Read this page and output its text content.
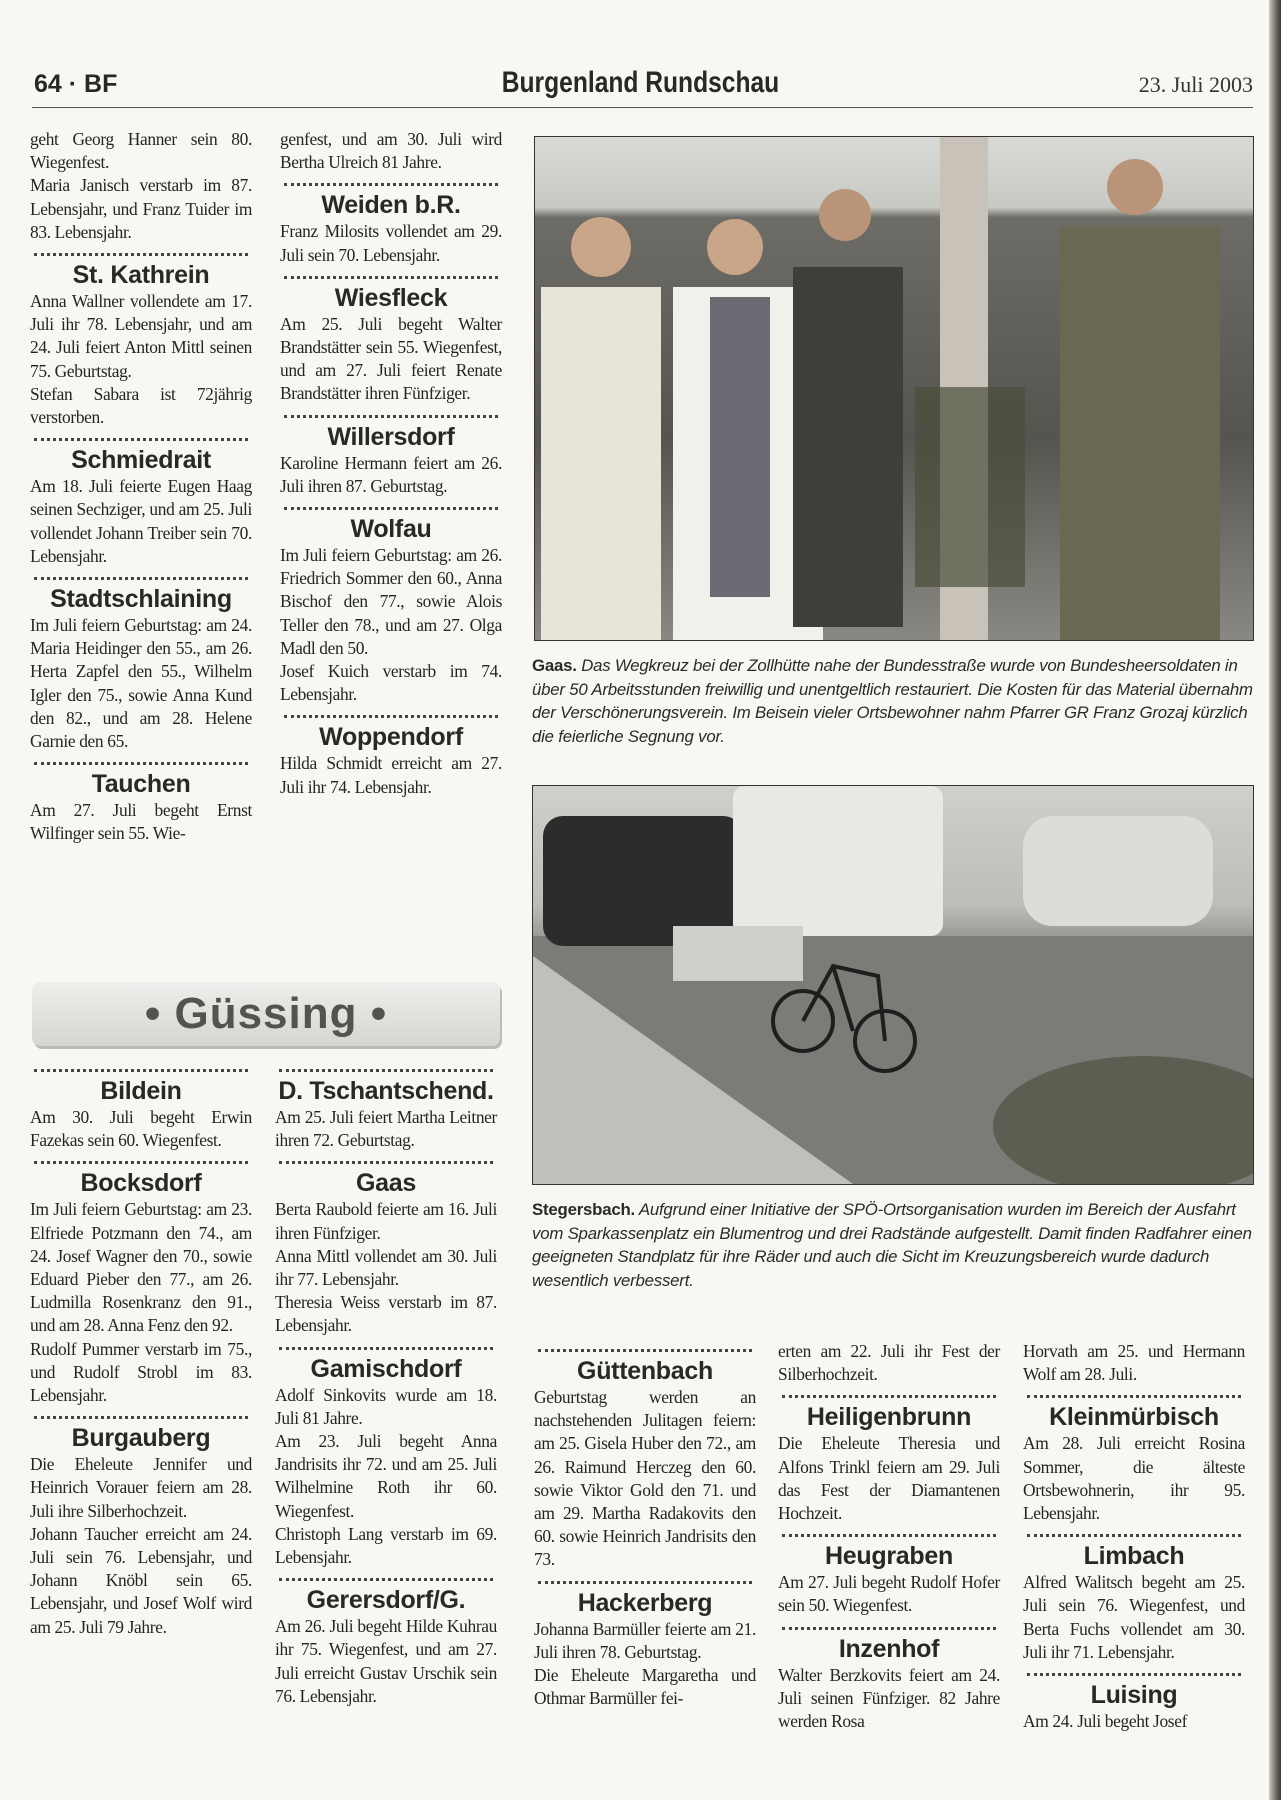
64 · BF	Burgenland Rundschau	23. Juli 2003

geht Georg Hanner sein 80. Wiegenfest.

Maria Janisch verstarb im 87. Lebensjahr, und Franz Tuider im 83. Lebensjahr.

St. Kathrein

Anna Wallner vollendete am 17. Juli ihr 78. Lebensjahr, und am 24. Juli feiert Anton Mittl seinen 75. Geburtstag.

Stefan Sabara ist 72jährig verstorben.

Schmiedrait

Am 18. Juli feierte Eugen Haag seinen Sechziger, und am 25. Juli vollendet Johann Treiber sein 70. Lebensjahr.

Stadtschlaining

Im Juli feiern Geburtstag: am 24. Maria Heidinger den 55., am 26. Herta Zapfel den 55., Wilhelm Igler den 75., sowie Anna Kund den 82., und am 28. Helene Garnie den 65.

Tauchen

Am 27. Juli begeht Ernst Wilfinger sein 55. Wie-

genfest, und am 30. Juli wird Bertha Ulreich 81 Jahre.

Weiden b.R.

Franz Milosits vollendet am 29. Juli sein 70. Lebensjahr.

Wiesfleck

Am 25. Juli begeht Walter Brandstätter sein 55. Wiegenfest, und am 27. Juli feiert Renate Brandstätter ihren Fünfziger.

Willersdorf

Karoline Hermann feiert am 26. Juli ihren 87. Geburtstag.

Wolfau

Im Juli feiern Geburtstag: am 26. Friedrich Sommer den 60., Anna Bischof den 77., sowie Alois Teller den 78., und am 27. Olga Madl den 50.

Josef Kuich verstarb im 74. Lebensjahr.

Woppendorf

Hilda Schmidt erreicht am 27. Juli ihr 74. Lebensjahr.

Gaas. Das Wegkreuz bei der Zollhütte nahe der Bundesstraße wurde von Bundesheersoldaten in über 50 Arbeitsstunden freiwillig und unentgeltlich restauriert. Die Kosten für das Material übernahm der Verschönerungsverein. Im Beisein vieler Ortsbewohner nahm Pfarrer GR Franz Grozaj kürzlich die feierliche Segnung vor.
Stegersbach. Aufgrund einer Initiative der SPÖ-Ortsorganisation wurden im Bereich der Ausfahrt vom Sparkassenplatz ein Blumentrog und drei Radstände aufgestellt. Damit finden Radfahrer einen geeigneten Standplatz für ihre Räder und auch die Sicht im Kreuzungsbereich wurde dadurch wesentlich verbessert.
• Güssing •
Bildein

Am 30. Juli begeht Erwin Fazekas sein 60. Wiegenfest.

Bocksdorf

Im Juli feiern Geburtstag: am 23. Elfriede Potzmann den 74., am 24. Josef Wagner den 70., sowie Eduard Pieber den 77., am 26. Ludmilla Rosenkranz den 91., und am 28. Anna Fenz den 92.

Rudolf Pummer verstarb im 75., und Rudolf Strobl im 83. Lebensjahr.

Burgauberg

Die Eheleute Jennifer und Heinrich Vorauer feiern am 28. Juli ihre Silberhochzeit.

Johann Taucher erreicht am 24. Juli sein 76. Lebensjahr, und Johann Knöbl sein 65. Lebensjahr, und Josef Wolf wird am 25. Juli 79 Jahre.

D. Tschantschend.

Am 25. Juli feiert Martha Leitner ihren 72. Geburtstag.

Gaas

Berta Raubold feierte am 16. Juli ihren Fünfziger.

Anna Mittl vollendet am 30. Juli ihr 77. Lebensjahr.

Theresia Weiss verstarb im 87. Lebensjahr.

Gamischdorf

Adolf Sinkovits wurde am 18. Juli 81 Jahre.

Am 23. Juli begeht Anna Jandrisits ihr 72. und am 25. Juli Wilhelmine Roth ihr 60. Wiegenfest.

Christoph Lang verstarb im 69. Lebensjahr.

Gerersdorf/G.

Am 26. Juli begeht Hilde Kuhrau ihr 75. Wiegenfest, und am 27. Juli erreicht Gustav Urschik sein 76. Lebensjahr.

Güttenbach

Geburtstag werden an nachstehenden Julitagen feiern: am 25. Gisela Huber den 72., am 26. Raimund Herczeg den 60. sowie Viktor Gold den 71. und am 29. Martha Radakovits den 60. sowie Heinrich Jandrisits den 73.

Hackerberg

Johanna Barmüller feierte am 21. Juli ihren 78. Geburtstag.

Die Eheleute Margaretha und Othmar Barmüller fei-

erten am 22. Juli ihr Fest der Silberhochzeit.

Heiligenbrunn

Die Eheleute Theresia und Alfons Trinkl feiern am 29. Juli das Fest der Diamantenen Hochzeit.

Heugraben

Am 27. Juli begeht Rudolf Hofer sein 50. Wiegenfest.

Inzenhof

Walter Berzkovits feiert am 24. Juli seinen Fünfziger. 82 Jahre werden Rosa

Horvath am 25. und Hermann Wolf am 28. Juli.

Kleinmürbisch

Am 28. Juli erreicht Rosina Sommer, die älteste Ortsbewohnerin, ihr 95. Lebensjahr.

Limbach

Alfred Walitsch begeht am 25. Juli sein 76. Wiegenfest, und Berta Fuchs vollendet am 30. Juli ihr 71. Lebensjahr.

Luising

Am 24. Juli begeht Josef
